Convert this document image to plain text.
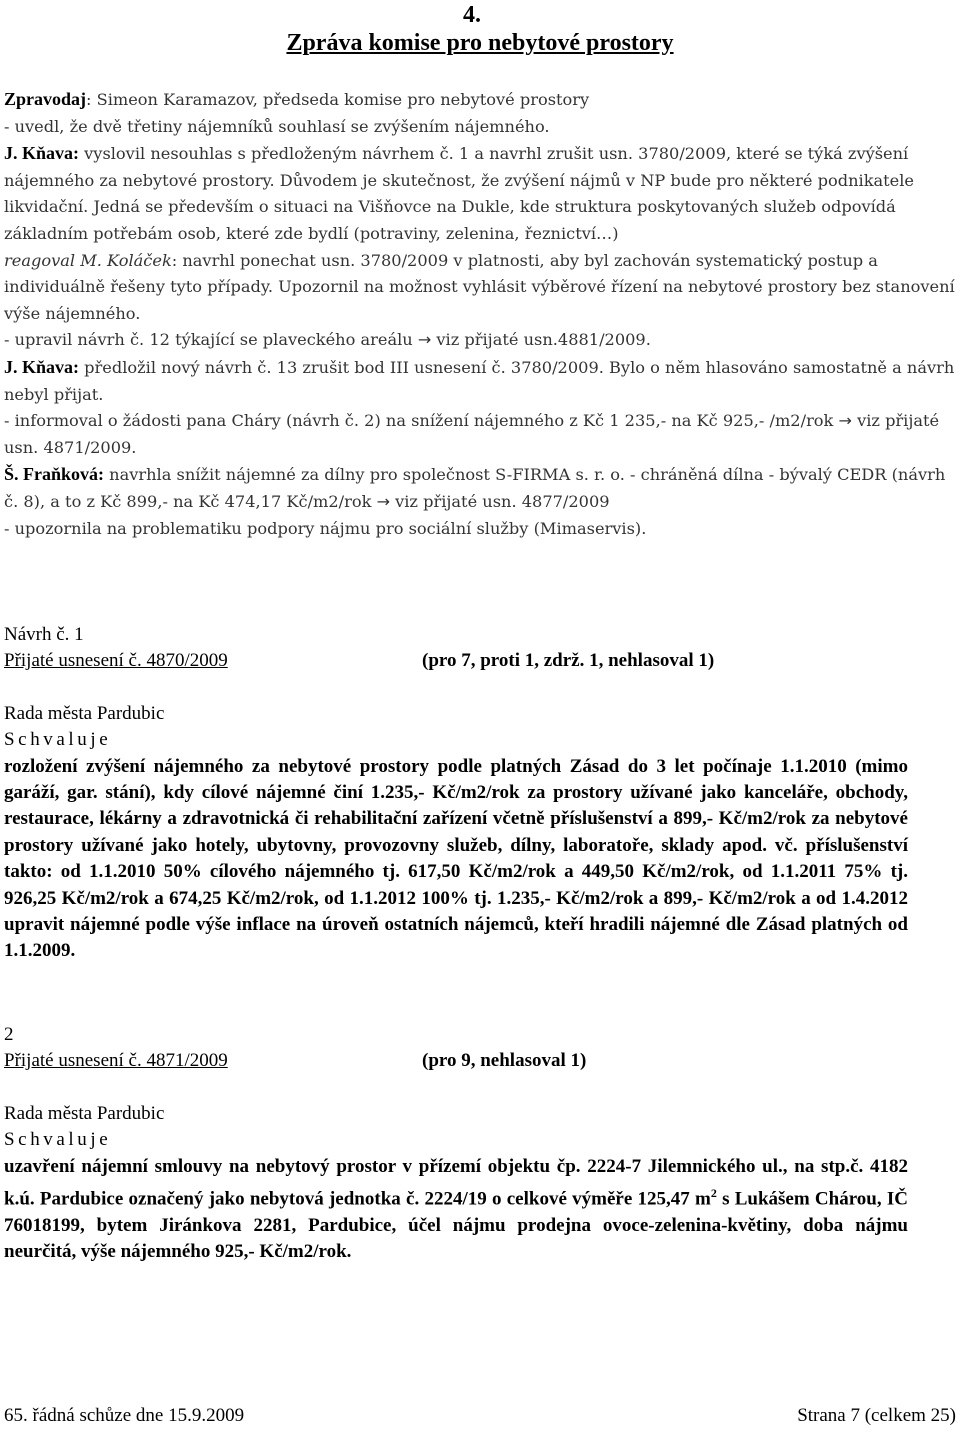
4.
Zpráva komise pro nebytové prostory

Zpravodaj: Simeon Karamazov, předseda komise pro nebytové prostory

- uvedl, že dvě třetiny nájemníků souhlasí se zvýšením nájemného.

J. Kňava: vyslovil nesouhlas s předloženým návrhem č. 1 a navrhl zrušit usn. 3780/2009, které se týká zvýšení nájemného za nebytové prostory. Důvodem je skutečnost, že zvýšení nájmů v NP bude pro některé podnikatele likvidační. Jedná se především o situaci na Višňovce na Dukle, kde struktura poskytovaných služeb odpovídá základním potřebám osob, které zde bydlí (potraviny, zelenina, řeznictví…)

reagoval M. Koláček: navrhl ponechat usn. 3780/2009 v platnosti, aby byl zachován systematický postup a individuálně řešeny tyto případy. Upozornil na možnost vyhlásit výběrové řízení na nebytové prostory bez stanovení výše nájemného.

- upravil návrh č. 12 týkající se plaveckého areálu → viz přijaté usn.4881/2009.

J. Kňava: předložil nový návrh č. 13 zrušit bod III usnesení č. 3780/2009. Bylo o něm hlasováno samostatně a návrh nebyl přijat.

- informoval o žádosti pana Cháry (návrh č. 2) na snížení nájemného z Kč 1 235,- na Kč 925,- /m2/rok → viz přijaté usn. 4871/2009.

Š. Fraňková: navrhla snížit nájemné za dílny pro společnost S-FIRMA s. r. o. - chráněná dílna - bývalý CEDR (návrh č. 8), a to z Kč 899,- na Kč 474,17 Kč/m2/rok → viz přijaté usn. 4877/2009

- upozornila na problematiku podpory nájmu pro sociální služby (Mimaservis).

Návrh č. 1

Přijaté usnesení č. 4870/2009	(pro 7, proti 1, zdrž. 1, nehlasoval 1)

Rada města Pardubic

Schvaluje

rozložení zvýšení nájemného za nebytové prostory podle platných Zásad do 3 let počínaje 1.1.2010 (mimo garáží, gar. stání), kdy cílové nájemné činí 1.235,- Kč/m2/rok za prostory užívané jako kanceláře, obchody, restaurace, lékárny a zdravotnická či rehabilitační zařízení včetně příslušenství a 899,- Kč/m2/rok za nebytové prostory užívané jako hotely, ubytovny, provozovny služeb, dílny, laboratoře, sklady apod. vč. příslušenství takto: od 1.1.2010 50% cílového nájemného tj. 617,50 Kč/m2/rok a 449,50 Kč/m2/rok, od 1.1.2011 75% tj. 926,25 Kč/m2/rok a 674,25 Kč/m2/rok, od 1.1.2012 100% tj. 1.235,- Kč/m2/rok a 899,- Kč/m2/rok a od 1.4.2012 upravit nájemné podle výše inflace na úroveň ostatních nájemců, kteří hradili nájemné dle Zásad platných od 1.1.2009.

2

Přijaté usnesení č. 4871/2009	(pro 9, nehlasoval 1)

Rada města Pardubic

Schvaluje

uzavření nájemní smlouvy na nebytový prostor v přízemí objektu čp. 2224-7 Jilemnického ul., na stp.č. 4182 k.ú. Pardubice označený jako nebytová jednotka č. 2224/19 o celkové výměře 125,47 $m^2$ s Lukášem Chárou, IČ 76018199, bytem Jiránkova 2281, Pardubice, účel nájmu prodejna ovoce-zelenina-květiny, doba nájmu neurčitá, výše nájemného 925,- Kč/m2/rok.

65. řádná schůze dne 15.9.2009	Strana 7 (celkem 25)
